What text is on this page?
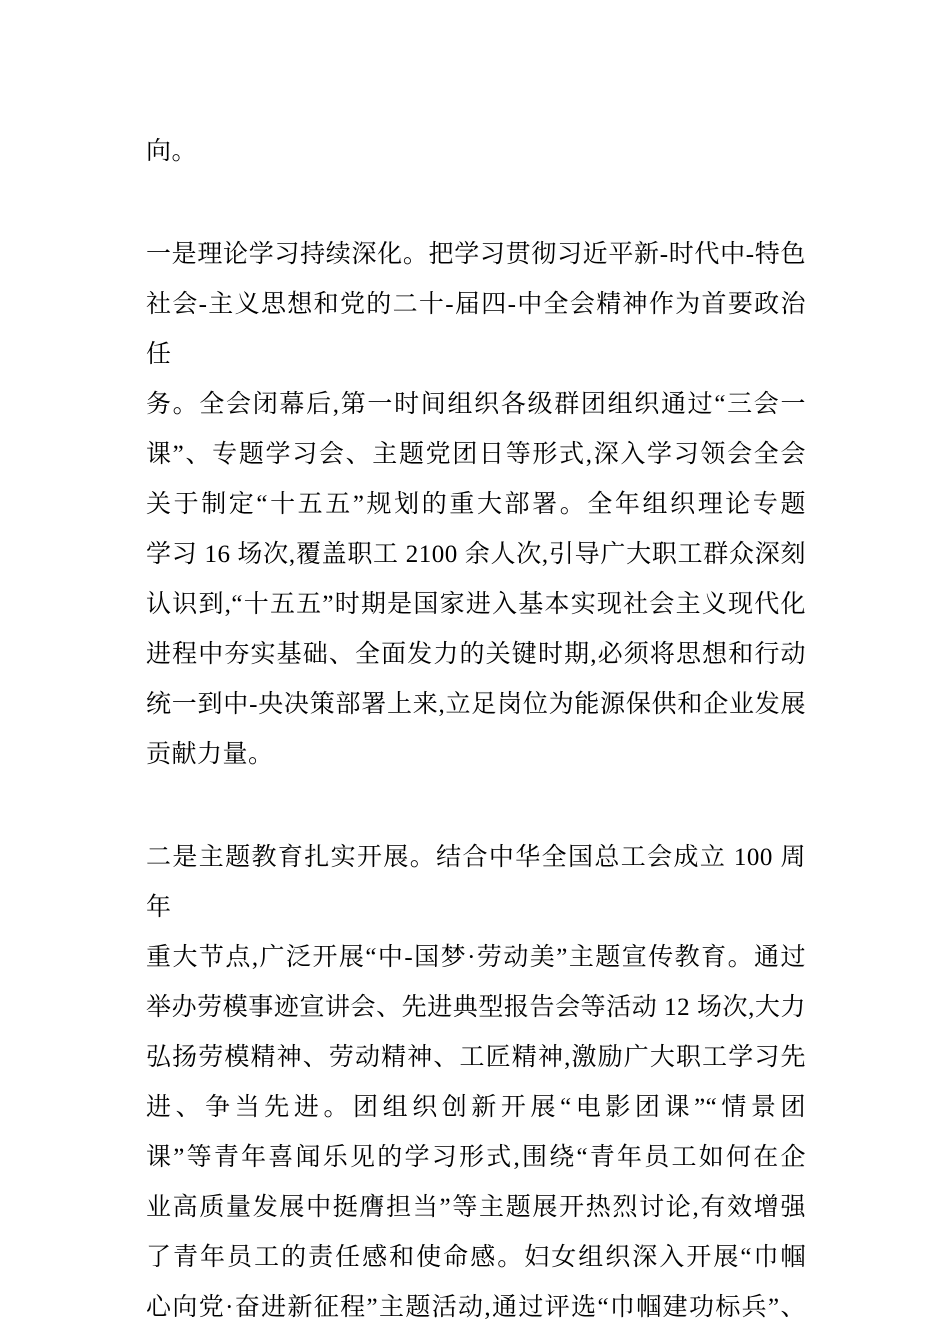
向。
一是理论学习持续深化。把学习贯彻习近平新-时代中-特色
社会-主义思想和党的二十-届四-中全会精神作为首要政治任
务。全会闭幕后,第一时间组织各级群团组织通过“三会一
课”、专题学习会、主题党团日等形式,深入学习领会全会
关于制定“十五五”规划的重大部署。全年组织理论专题
学习 16 场次,覆盖职工 2100 余人次,引导广大职工群众深刻
认识到,“十五五”时期是国家进入基本实现社会主义现代化
进程中夯实基础、全面发力的关键时期,必须将思想和行动
统一到中-央决策部署上来,立足岗位为能源保供和企业发展
贡献力量。
二是主题教育扎实开展。结合中华全国总工会成立 100 周年
重大节点,广泛开展“中-国梦·劳动美”主题宣传教育。通过
举办劳模事迹宣讲会、先进典型报告会等活动 12 场次,大力
弘扬劳模精神、劳动精神、工匠精神,激励广大职工学习先
进、争当先进。团组织创新开展“电影团课”“情景团
课”等青年喜闻乐见的学习形式,围绕“青年员工如何在企
业高质量发展中挺膺担当”等主题展开热烈讨论,有效增强
了青年员工的责任感和使命感。妇女组织深入开展“巾帼
心向党·奋进新征程”主题活动,通过评选“巾帼建功标兵”、
